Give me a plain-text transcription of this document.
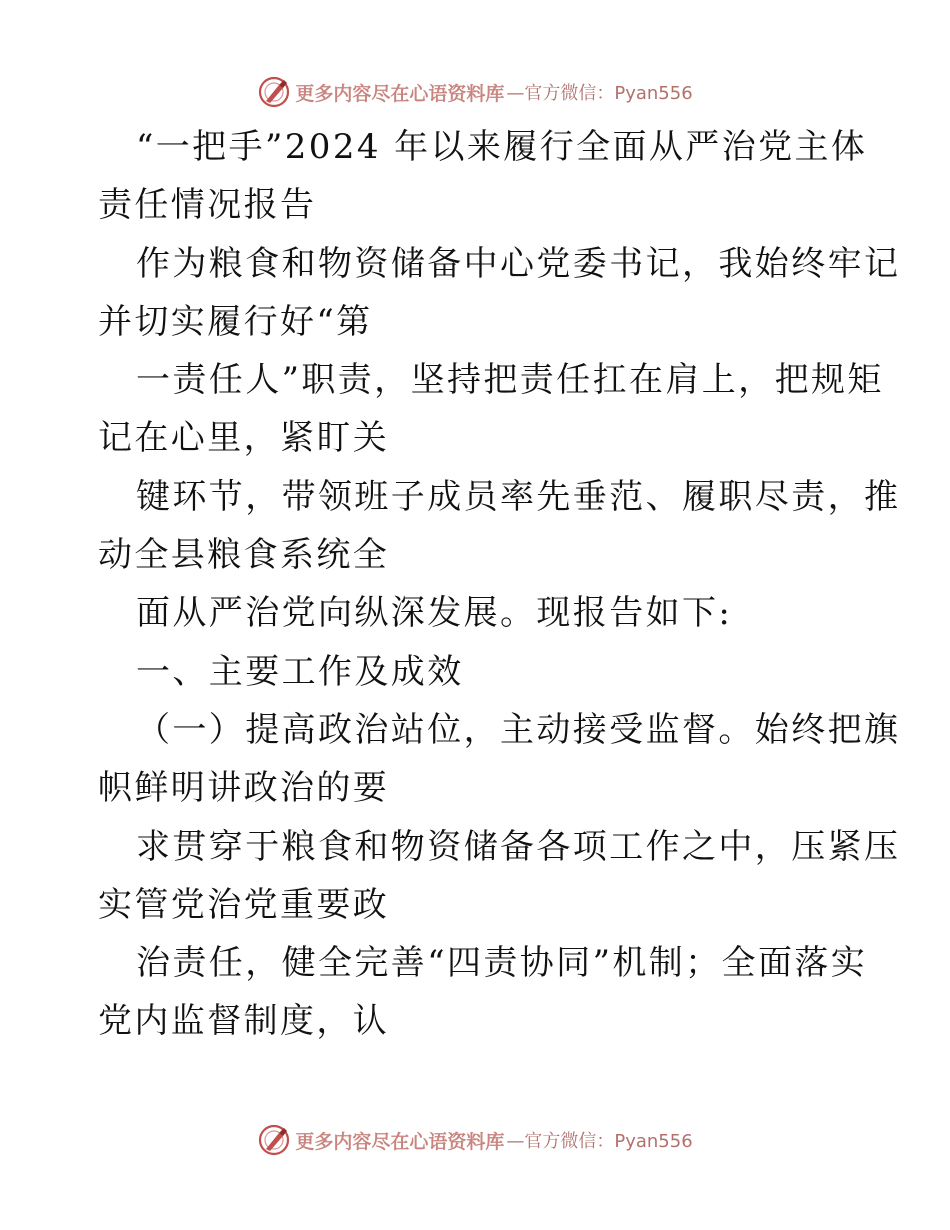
更多内容尽在心语资料库 —官方微信：Pyan556
“一把手”2024 年以来履行全面从严治党主体
责任情况报告
作为粮食和物资储备中心党委书记，我始终牢记
并切实履行好“第
一责任人”职责，坚持把责任扛在肩上，把规矩
记在心里，紧盯关
键环节，带领班子成员率先垂范、履职尽责，推
动全县粮食系统全
面从严治党向纵深发展。现报告如下:
一、主要工作及成效
（一）提高政治站位，主动接受监督。始终把旗
帜鲜明讲政治的要
求贯穿于粮食和物资储备各项工作之中，压紧压
实管党治党重要政
治责任，健全完善“四责协同”机制；全面落实
党内监督制度，认
更多内容尽在心语资料库 —官方微信：Pyan556
